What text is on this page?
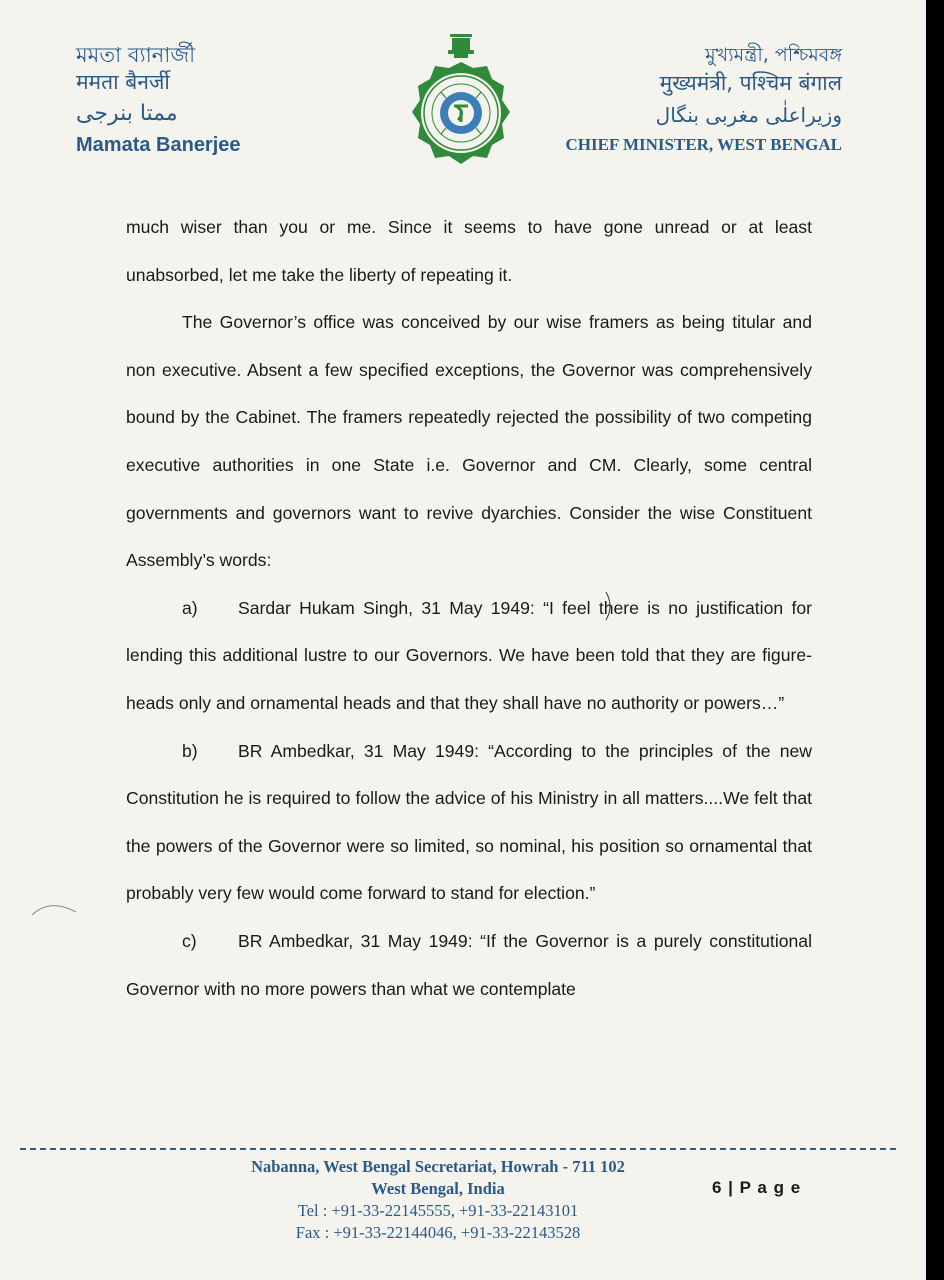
মমতা ব্যানার্জী
ममता बैनर्जी
ممتا بنرجی
Mamata Banerjee
মুখ্যমন্ত্রী, পশ্চিমবঙ্গ
मुख्यमंत्री, पश्चिम बंगाल
وزیراعلٰی مغربی بنگال
CHIEF MINISTER, WEST BENGAL

much wiser than you or me. Since it seems to have gone unread or at least unabsorbed, let me take the liberty of repeating it.

The Governor’s office was conceived by our wise framers as being titular and non executive. Absent a few specified exceptions, the Governor was comprehensively bound by the Cabinet. The framers repeatedly rejected the possibility of two competing executive authorities in one State i.e. Governor and CM. Clearly, some central governments and governors want to revive dyarchies. Consider the wise Constituent Assembly’s words:

a) Sardar Hukam Singh, 31 May 1949: “I feel there is no justification for lending this additional lustre to our Governors. We have been told that they are figure-heads only and ornamental heads and that they shall have no authority or powers…”

b) BR Ambedkar, 31 May 1949: “According to the principles of the new Constitution he is required to follow the advice of his Ministry in all matters....We felt that the powers of the Governor were so limited, so nominal, his position so ornamental that probably very few would come forward to stand for election.”

c) BR Ambedkar, 31 May 1949: “If the Governor is a purely constitutional Governor with no more powers than what we contemplate

Nabanna, West Bengal Secretariat, Howrah - 711 102
West Bengal, India
Tel : +91-33-22145555, +91-33-22143101
Fax : +91-33-22144046, +91-33-22143528
6 | P a g e
